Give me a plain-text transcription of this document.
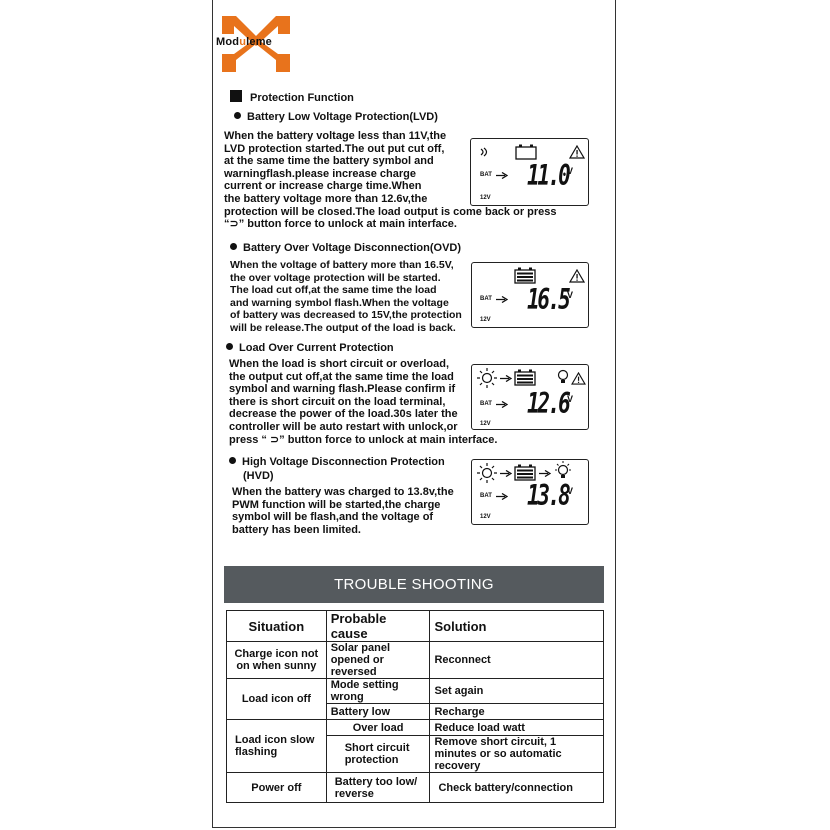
Moduleme
Protection Function
Battery Low Voltage Protection(LVD)
When the battery voltage less than 11V,the
LVD protection started.The out put cut off,
at the same time the battery symbol and
warningflash.please increase charge
current or increase charge time.When
the battery voltage more than 12.6v,the
protection will be closed.The load output is come back or press
“⊃” button force to unlock at main interface.
BAT 11.0
V
12V
Battery Over Voltage Disconnection(OVD)
When the voltage of battery more than 16.5V,
the over voltage protection will be started.
The load cut off,at the same time the load
and warning symbol flash.When the voltage
of battery was decreased to 15V,the protection
will be release.The output of the load is back.
BAT 16.5
V
12V
Load Over Current Protection
When the load is short circuit or overload,
the output cut off,at the same time the load
symbol and warning flash.Please confirm if
there is short circuit on the load terminal,
decrease the power of the load.30s later the
controller will be auto restart with unlock,or
press “ ⊃” button force to unlock at main interface.
BAT 12.6
V
12V
High Voltage Disconnection Protection
(HVD)
When the battery was charged to 13.8v,the
PWM function will be started,the charge
symbol will be flash,and the voltage of
battery has been limited.
BAT 13.8
V
12V
TROUBLE SHOOTING
Situation	Probable cause	Solution
Charge icon not on when sunny	Solar panel opened or reversed	Reconnect
Load icon off	Mode setting wrong	Set again
	Battery low	Recharge
Load icon slow flashing	Over load	Reduce load watt
	Short circuit protection	Remove short circuit, 1 minutes or so automatic recovery
Power off	Battery too low/ reverse	Check battery/connection
